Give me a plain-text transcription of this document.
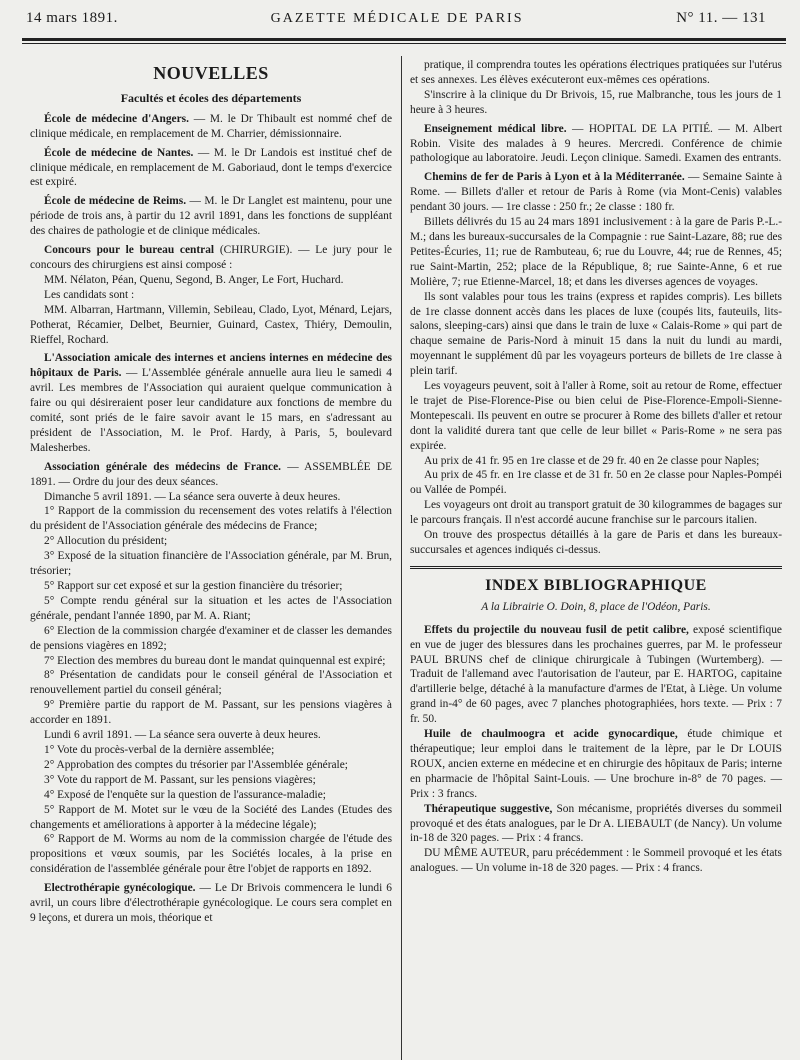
14 mars 1891.	GAZETTE MÉDICALE DE PARIS	N° 11. — 131
NOUVELLES
Facultés et écoles des départements

École de médecine d'Angers. — M. le Dr Thibault est nommé chef de clinique médicale, en remplacement de M. Charrier, démissionnaire.

École de médecine de Nantes. — M. le Dr Landois est institué chef de clinique médicale, en remplacement de M. Gaboriaud, dont le temps d'exercice est expiré.

École de médecine de Reims. — M. le Dr Langlet est maintenu, pour une période de trois ans, à partir du 12 avril 1891, dans les fonctions de suppléant des chaires de pathologie et de clinique médicales.

Concours pour le bureau central (CHIRURGIE). — Le jury pour le concours des chirurgiens est ainsi composé :

MM. Nélaton, Péan, Quenu, Segond, B. Anger, Le Fort, Huchard.

Les candidats sont :

MM. Albarran, Hartmann, Villemin, Sebileau, Clado, Lyot, Ménard, Lejars, Potherat, Récamier, Delbet, Beurnier, Guinard, Castex, Thiéry, Demoulin, Rieffel, Rochard.

L'Association amicale des internes et anciens internes en médecine des hôpitaux de Paris. — L'Assemblée générale annuelle aura lieu le samedi 4 avril. Les membres de l'Association qui auraient quelque communication à faire ou qui désireraient poser leur candidature aux fonctions de membre du comité, sont priés de le faire savoir avant le 15 mars, en s'adressant au président de l'Association, M. le Prof. Hardy, à Paris, 5, boulevard Malesherbes.

Association générale des médecins de France. — ASSEMBLÉE DE 1891. — Ordre du jour des deux séances.

Dimanche 5 avril 1891. — La séance sera ouverte à deux heures.

1° Rapport de la commission du recensement des votes relatifs à l'élection du président de l'Association générale des médecins de France;

2° Allocution du président;

3° Exposé de la situation financière de l'Association générale, par M. Brun, trésorier;

5° Rapport sur cet exposé et sur la gestion financière du trésorier;

5° Compte rendu général sur la situation et les actes de l'Association générale, pendant l'année 1890, par M. A. Riant;

6° Election de la commission chargée d'examiner et de classer les demandes de pensions viagères en 1892;

7° Election des membres du bureau dont le mandat quinquennal est expiré;

8° Présentation de candidats pour le conseil général de l'Association et renouvellement partiel du conseil général;

9° Première partie du rapport de M. Passant, sur les pensions viagères à accorder en 1891.

Lundi 6 avril 1891. — La séance sera ouverte à deux heures.

1° Vote du procès-verbal de la dernière assemblée;

2° Approbation des comptes du trésorier par l'Assemblée générale;

3° Vote du rapport de M. Passant, sur les pensions viagères;

4° Exposé de l'enquête sur la question de l'assurance-maladie;

5° Rapport de M. Motet sur le vœu de la Société des Landes (Etudes des changements et améliorations à apporter à la médecine légale);

6° Rapport de M. Worms au nom de la commission chargée de l'étude des propositions et vœux soumis, par les Sociétés locales, à la prise en considération de l'assemblée générale pour être l'objet de rapports en 1892.

Electrothérapie gynécologique. — Le Dr Brivois commencera le lundi 6 avril, un cours libre d'électrothérapie gynécologique. Le cours sera complet en 9 leçons, et durera un mois, théorique et

pratique, il comprendra toutes les opérations électriques pratiquées sur l'utérus et ses annexes. Les élèves exécuteront eux-mêmes ces opérations.

S'inscrire à la clinique du Dr Brivois, 15, rue Malbranche, tous les jours de 1 heure à 3 heures.

Enseignement médical libre. — HOPITAL DE LA PITIÉ. — M. Albert Robin. Visite des malades à 9 heures. Mercredi. Conférence de chimie pathologique au laboratoire. Jeudi. Leçon clinique. Samedi. Examen des entrants.

Chemins de fer de Paris à Lyon et à la Méditerranée. — Semaine Sainte à Rome. — Billets d'aller et retour de Paris à Rome (via Mont-Cenis) valables pendant 30 jours. — 1re classe : 250 fr.; 2e classe : 180 fr.

Billets délivrés du 15 au 24 mars 1891 inclusivement : à la gare de Paris P.-L.-M.; dans les bureaux-succursales de la Compagnie : rue Saint-Lazare, 88; rue des Petites-Écuries, 11; rue de Rambuteau, 6; rue du Louvre, 44; rue de Rennes, 45; rue Saint-Martin, 252; place de la République, 8; rue Sainte-Anne, 6 et rue Molière, 7; rue Etienne-Marcel, 18; et dans les diverses agences de voyages.

Ils sont valables pour tous les trains (express et rapides compris). Les billets de 1re classe donnent accès dans les places de luxe (coupés lits, fauteuils, lits-salons, sleeping-cars) ainsi que dans le train de luxe « Calais-Rome » qui part de chaque semaine de Paris-Nord à minuit 15 dans la nuit du lundi au mardi, moyennant le supplément dû par les voyageurs porteurs de billets de 1re classe à plein tarif.

Les voyageurs peuvent, soit à l'aller à Rome, soit au retour de Rome, effectuer le trajet de Pise-Florence-Pise ou bien celui de Pise-Florence-Empoli-Sienne-Montepescali. Ils peuvent en outre se procurer à Rome des billets d'aller et retour dont la validité durera tant que celle de leur billet « Paris-Rome » ne sera pas expirée.

Au prix de 41 fr. 95 en 1re classe et de 29 fr. 40 en 2e classe pour Naples;

Au prix de 45 fr. en 1re classe et de 31 fr. 50 en 2e classe pour Naples-Pompéi ou Vallée de Pompéi.

Les voyageurs ont droit au transport gratuit de 30 kilogrammes de bagages sur le parcours français. Il n'est accordé aucune franchise sur le parcours italien.

On trouve des prospectus détaillés à la gare de Paris et dans les bureaux-succursales et agences indiqués ci-dessus.

INDEX BIBLIOGRAPHIQUE
A la Librairie O. Doin, 8, place de l'Odéon, Paris.

Effets du projectile du nouveau fusil de petit calibre, exposé scientifique en vue de juger des blessures dans les prochaines guerres, par M. le professeur PAUL BRUNS chef de clinique chirurgicale à Tubingen (Wurtemberg). — Traduit de l'allemand avec l'autorisation de l'auteur, par E. HARTOG, capitaine d'artillerie belge, détaché à la manufacture d'armes de l'Etat, à Liège. Un volume grand in-4° de 60 pages, avec 7 planches photographiées, hors texte. — Prix : 7 fr. 50.

Huile de chaulmoogra et acide gynocardique, étude chimique et thérapeutique; leur emploi dans le traitement de la lèpre, par le Dr LOUIS ROUX, ancien externe en médecine et en chirurgie des hôpitaux de Paris; interne en pharmacie de l'hôpital Saint-Louis. — Une brochure in-8° de 70 pages. — Prix : 3 francs.

Thérapeutique suggestive, Son mécanisme, propriétés diverses du sommeil provoqué et des états analogues, par le Dr A. LIEBAULT (de Nancy). Un volume in-18 de 320 pages. — Prix : 4 francs.

DU MÊME AUTEUR, paru précédemment : le Sommeil provoqué et les états analogues. — Un volume in-18 de 320 pages. — Prix : 4 francs.
